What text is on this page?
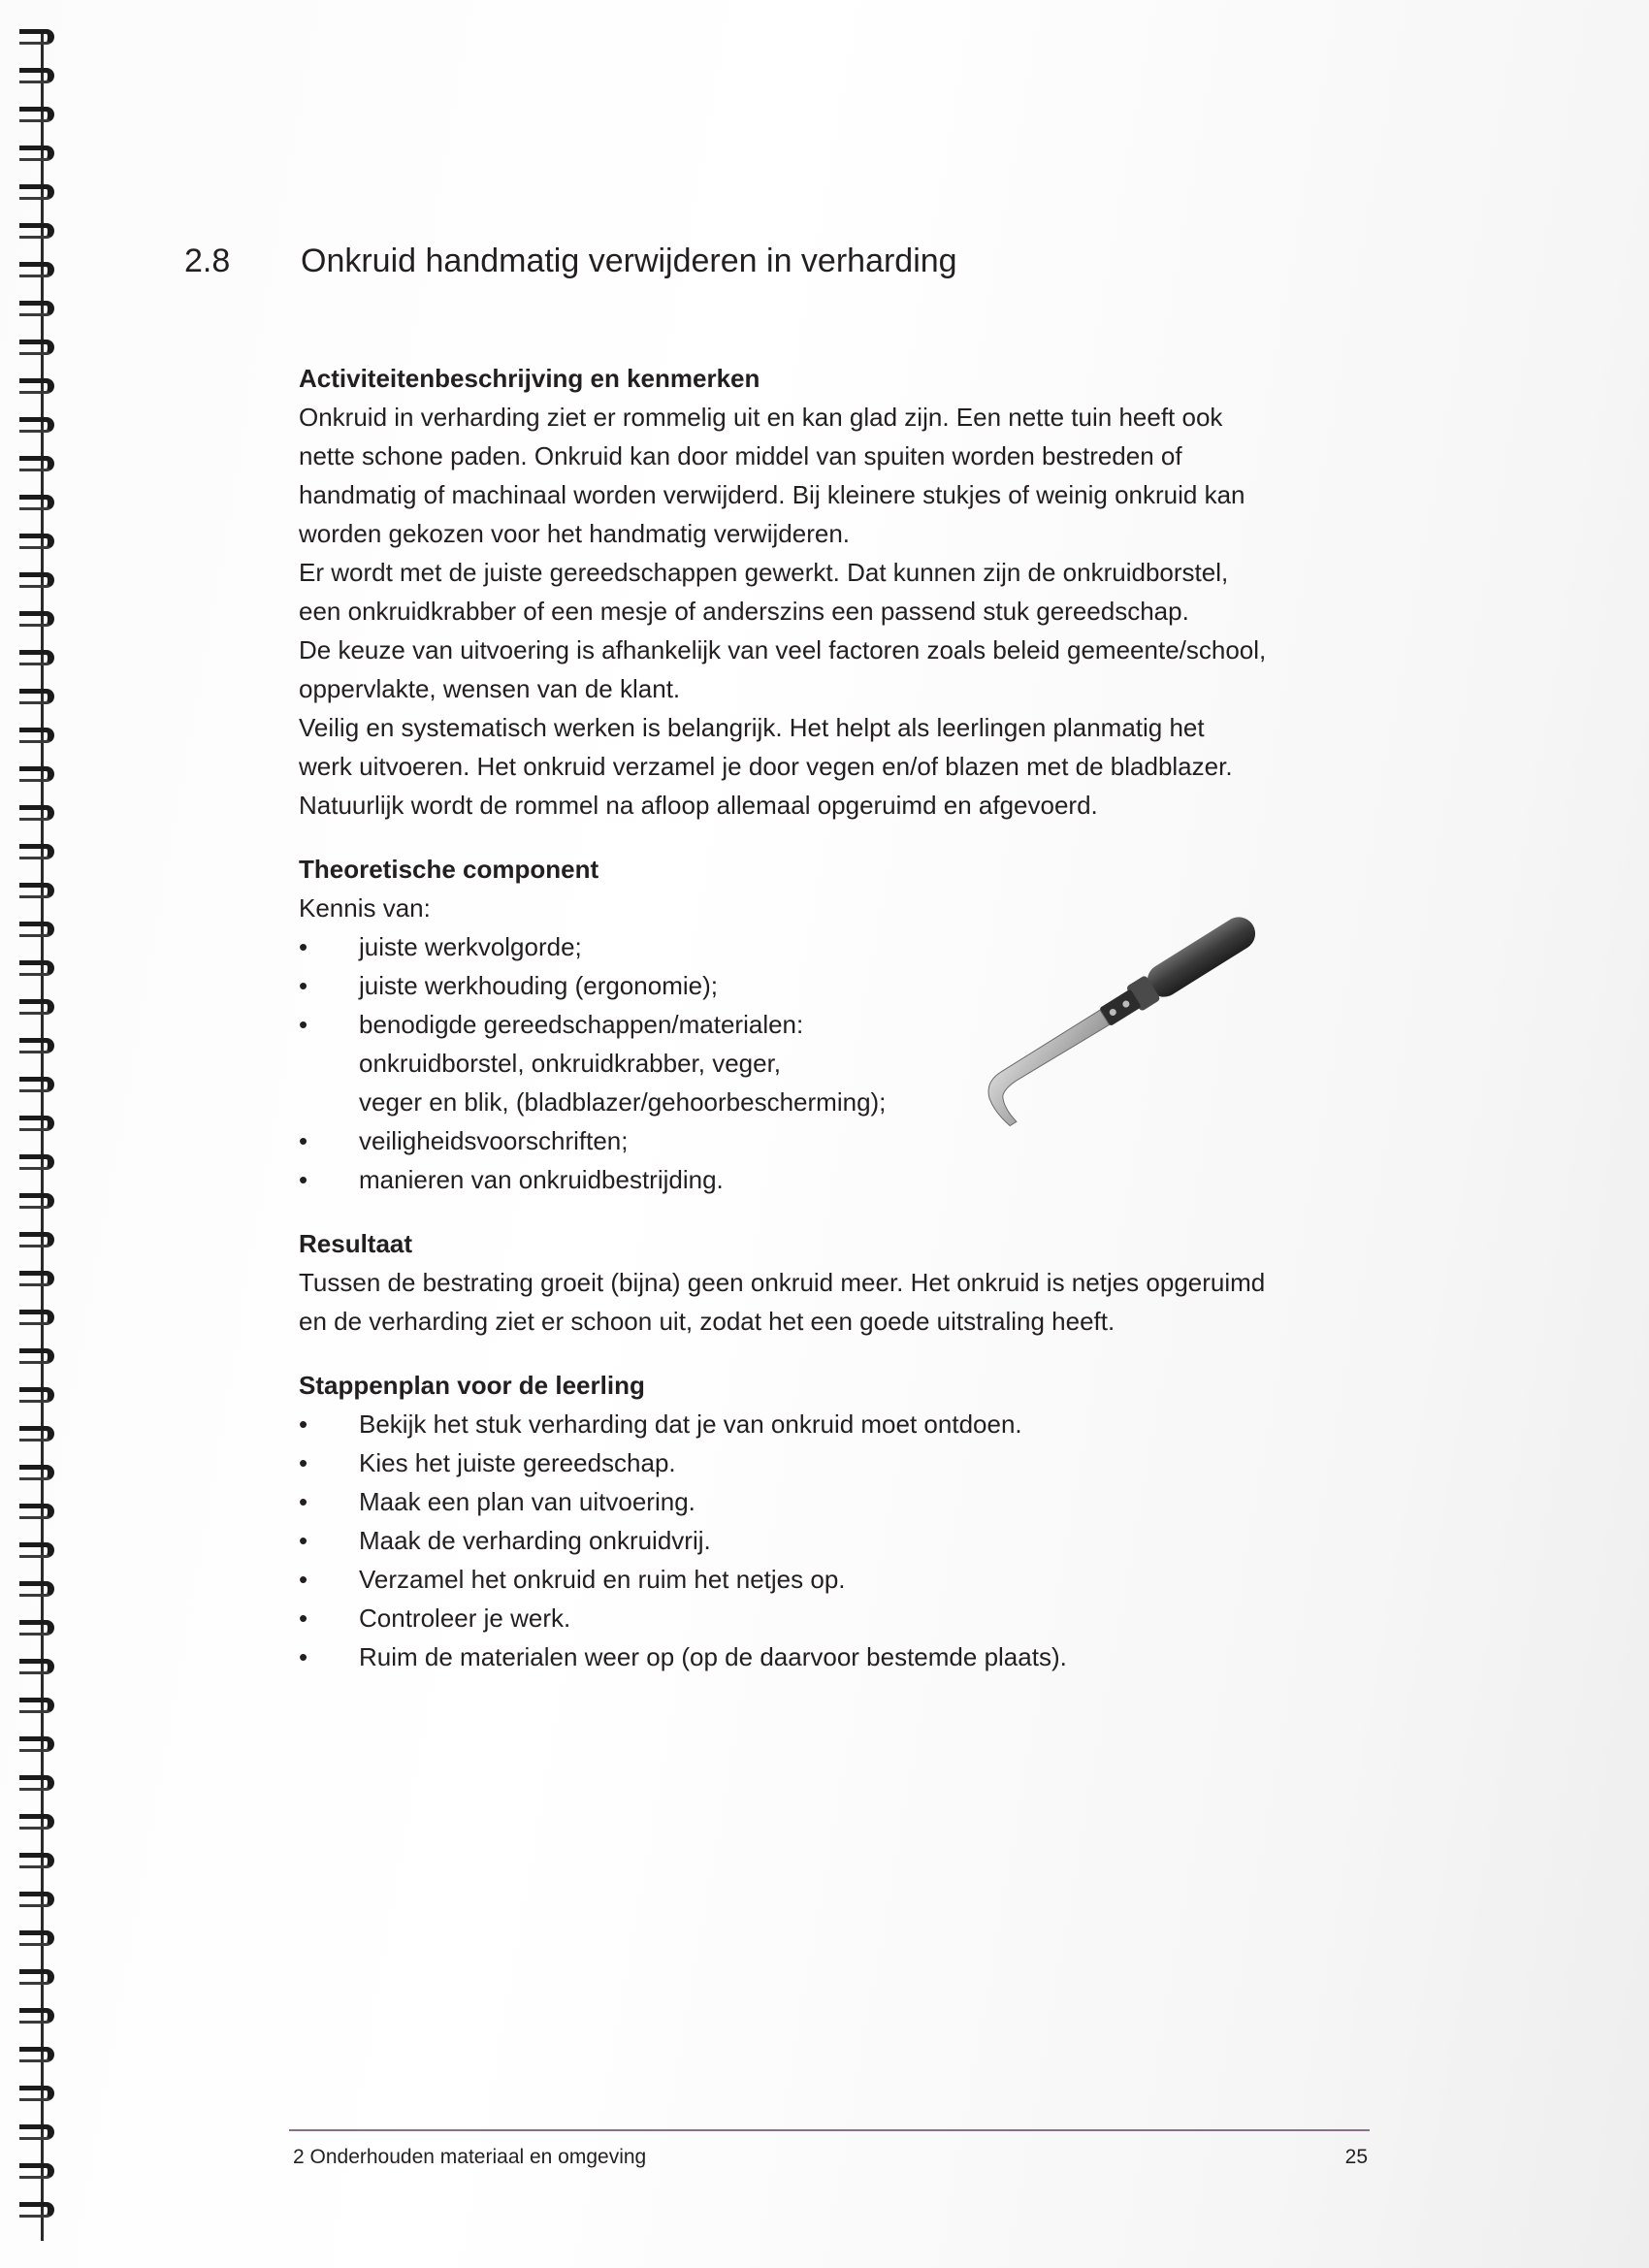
2.8 Onkruid handmatig verwijderen in verharding
Activiteitenbeschrijving en kenmerken

Onkruid in verharding ziet er rommelig uit en kan glad zijn. Een nette tuin heeft ook

nette schone paden. Onkruid kan door middel van spuiten worden bestreden of

handmatig of machinaal worden verwijderd. Bij kleinere stukjes of weinig onkruid kan

worden gekozen voor het handmatig verwijderen.

Er wordt met de juiste gereedschappen gewerkt. Dat kunnen zijn de onkruidborstel,

een onkruidkrabber of een mesje of anderszins een passend stuk gereedschap.

De keuze van uitvoering is afhankelijk van veel factoren zoals beleid gemeente/school,

oppervlakte, wensen van de klant.

Veilig en systematisch werken is belangrijk. Het helpt als leerlingen planmatig het

werk uitvoeren. Het onkruid verzamel je door vegen en/of blazen met de bladblazer.

Natuurlijk wordt de rommel na afloop allemaal opgeruimd en afgevoerd.

Theoretische component

Kennis van:

•	juiste werkvolgorde;
•	juiste werkhouding (ergonomie);
•	benodigde gereedschappen/materialen:
onkruidborstel, onkruidkrabber, veger,
veger en blik, (bladblazer/gehoorbescherming);
•	veiligheidsvoorschriften;
•	manieren van onkruidbestrijding.
Resultaat

Tussen de bestrating groeit (bijna) geen onkruid meer. Het onkruid is netjes opgeruimd

en de verharding ziet er schoon uit, zodat het een goede uitstraling heeft.

Stappenplan voor de leerling
•	Bekijk het stuk verharding dat je van onkruid moet ontdoen.
•	Kies het juiste gereedschap.
•	Maak een plan van uitvoering.
•	Maak de verharding onkruidvrij.
•	Verzamel het onkruid en ruim het netjes op.
•	Controleer je werk.
•	Ruim de materialen weer op (op de daarvoor bestemde plaats).
2 Onderhouden materiaal en omgeving	25
